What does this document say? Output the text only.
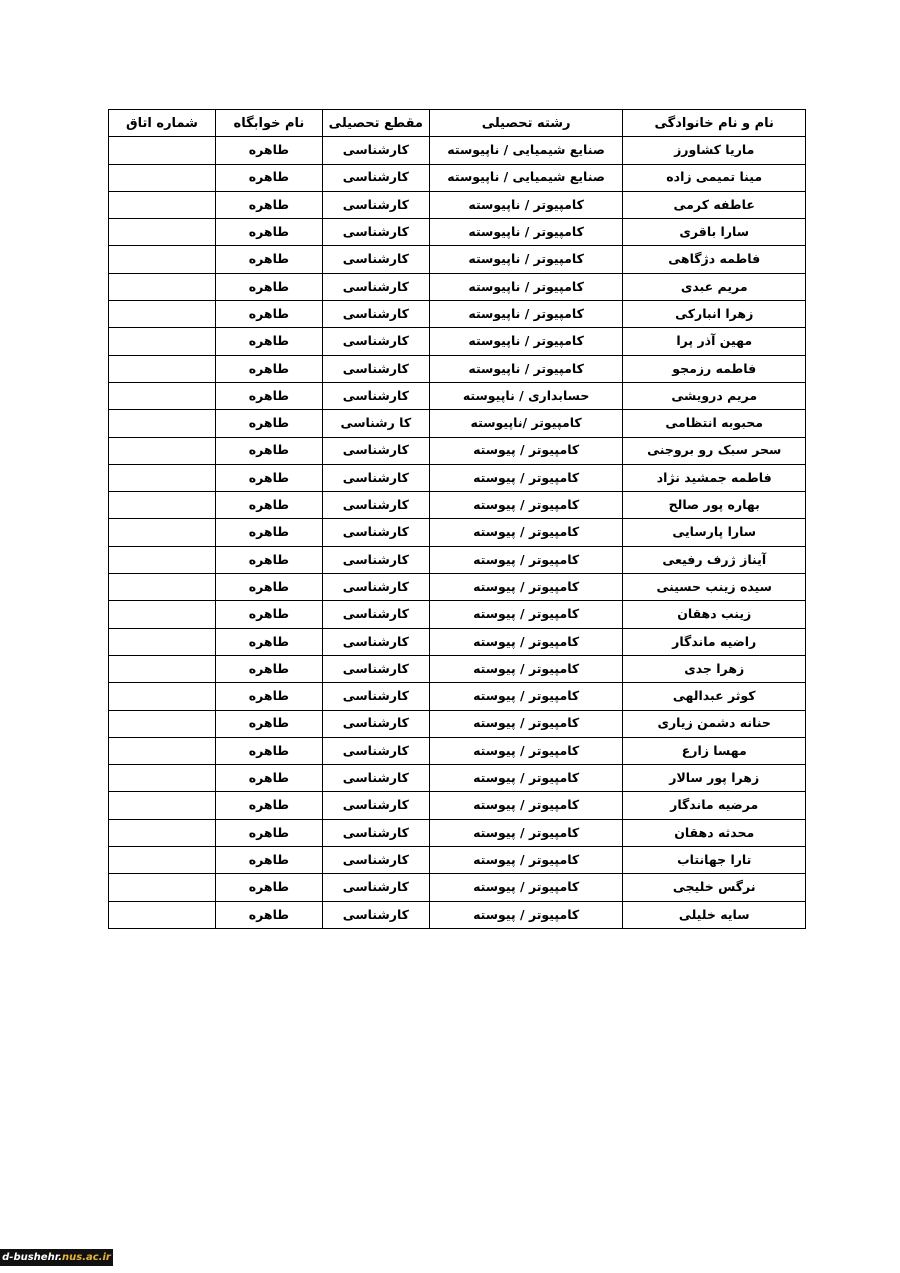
نام و نام خانوادگی	رشته تحصیلی	مقطع تحصیلی	نام خوابگاه	شماره اتاق
ماریا کشاورز	صنایع شیمیایی / ناپیوسته	کارشناسی	طاهره	
مینا تمیمی زاده	صنایع شیمیایی / ناپیوسته	کارشناسی	طاهره	
عاطفه کرمی	کامپیوتر / ناپیوسته	کارشناسی	طاهره	
سارا باقری	کامپیوتر / ناپیوسته	کارشناسی	طاهره	
فاطمه دژگاهی	کامپیوتر / ناپیوسته	کارشناسی	طاهره	
مریم عبدی	کامپیوتر / ناپیوسته	کارشناسی	طاهره	
زهرا انبارکی	کامپیوتر / ناپیوسته	کارشناسی	طاهره	
مهین آذر پرا	کامپیوتر / ناپیوسته	کارشناسی	طاهره	
فاطمه رزمجو	کامپیوتر / ناپیوسته	کارشناسی	طاهره	
مریم درویشی	حسابداری / ناپیوسته	کارشناسی	طاهره	
محبوبه انتظامی	کامپیوتر /ناپیوسته	کا رشناسی	طاهره	
سحر سبک رو بروجنی	کامپیوتر / پیوسته	کارشناسی	طاهره	
فاطمه جمشید نژاد	کامپیوتر / پیوسته	کارشناسی	طاهره	
بهاره پور صالح	کامپیوتر / پیوسته	کارشناسی	طاهره	
سارا پارسایی	کامپیوتر / پیوسته	کارشناسی	طاهره	
آیناز ژرف رفیعی	کامپیوتر / پیوسته	کارشناسی	طاهره	
سیده زینب حسینی	کامپیوتر / پیوسته	کارشناسی	طاهره	
زینب دهقان	کامپیوتر / پیوسته	کارشناسی	طاهره	
راضیه ماندگار	کامپیوتر / پیوسته	کارشناسی	طاهره	
زهرا جدی	کامپیوتر / پیوسته	کارشناسی	طاهره	
کوثر عبدالهی	کامپیوتر / پیوسته	کارشناسی	طاهره	
حنانه دشمن زیاری	کامپیوتر / پیوسته	کارشناسی	طاهره	
مهسا زارع	کامپیوتر / پیوسته	کارشناسی	طاهره	
زهرا پور سالار	کامپیوتر / پیوسته	کارشناسی	طاهره	
مرضیه ماندگار	کامپیوتر / پیوسته	کارشناسی	طاهره	
محدثه دهقان	کامپیوتر / پیوسته	کارشناسی	طاهره	
تارا جهانتاب	کامپیوتر / پیوسته	کارشناسی	طاهره	
نرگس خلیجی	کامپیوتر / پیوسته	کارشناسی	طاهره	
سایه خلیلی	کامپیوتر / پیوسته	کارشناسی	طاهره	
d-bushehr.nus.ac.ir
